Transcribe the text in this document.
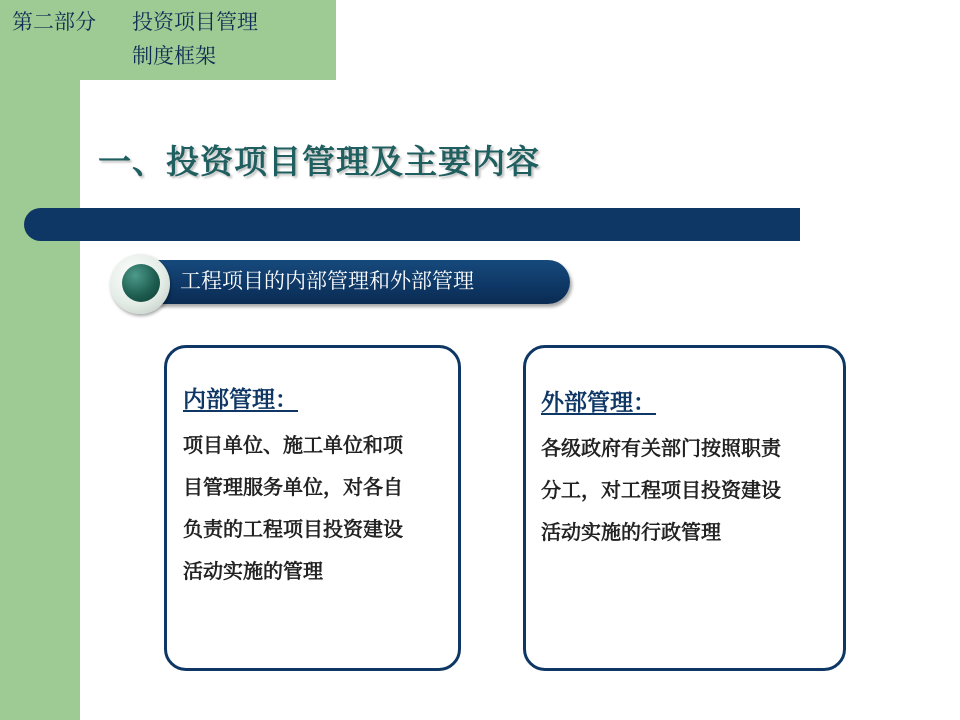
第二部分 投资项目管理
制度框架
一、投资项目管理及主要内容
工程项目的内部管理和外部管理
内部管理：
项目单位、施工单位和项
目管理服务单位，对各自
负责的工程项目投资建设
活动实施的管理
外部管理：
各级政府有关部门按照职责
分工，对工程项目投资建设
活动实施的行政管理
